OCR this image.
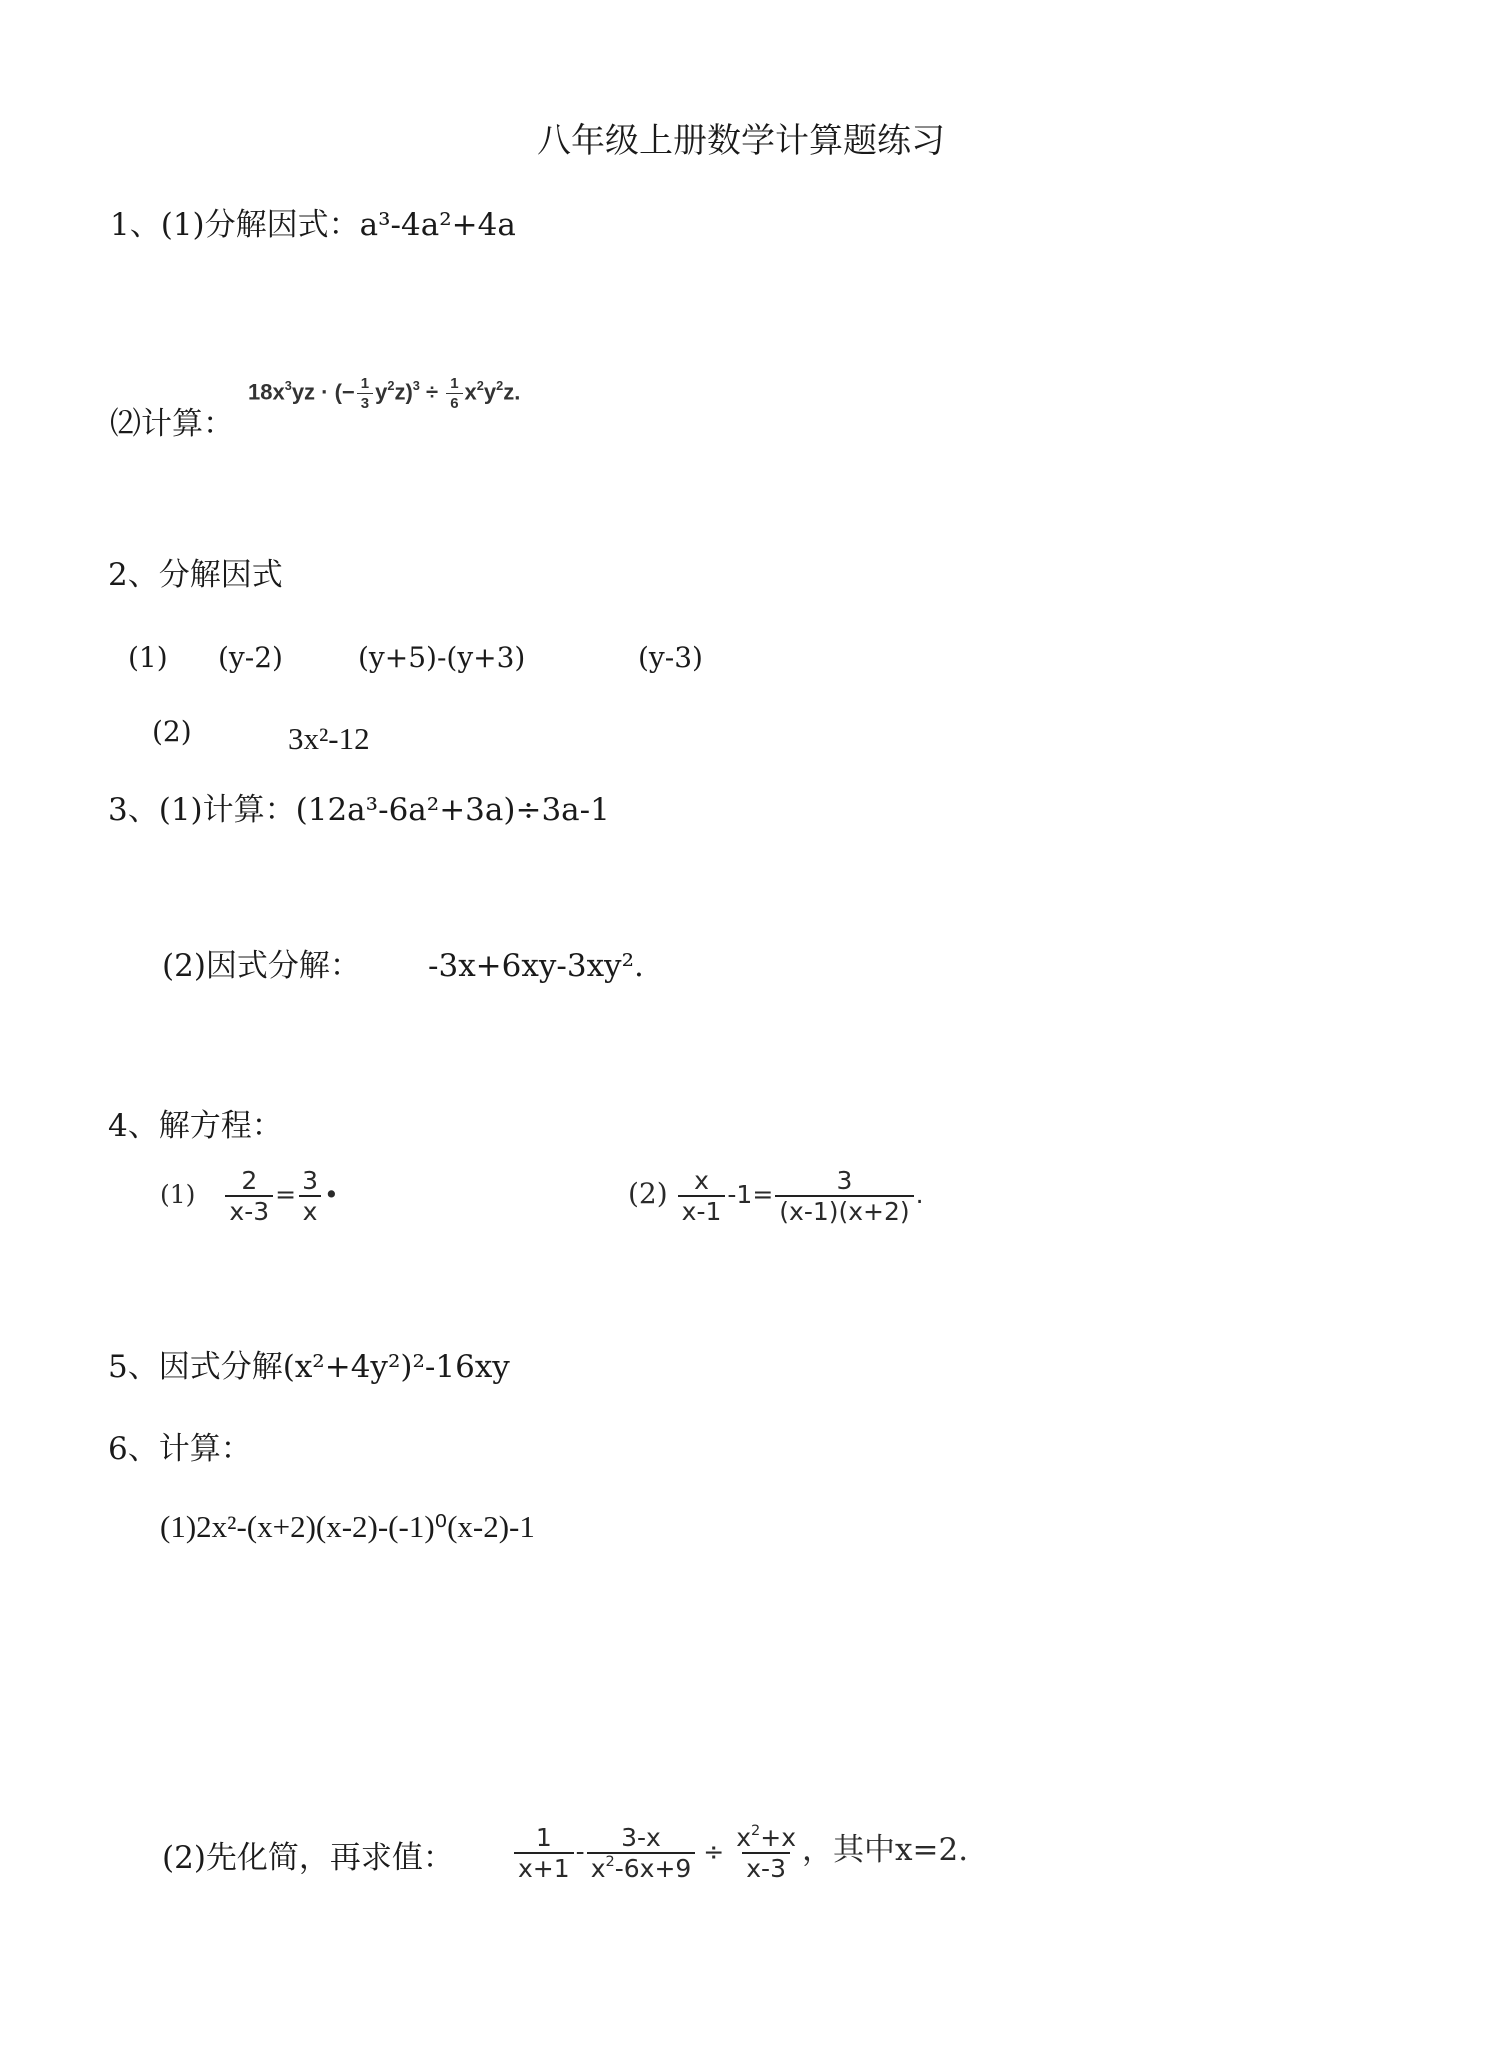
八年级上册数学计算题练习
1、(1)分解因式：a³-4a²+4a
⑵计算：
$18x^3yz$ · (− $\frac{1}{3} y^2z)^3 \div \frac{1}{6} x^2y^2z$.
2、分解因式
(1) (y-2)	(y+5)-(y+3)	(y-3)
(2)	3x²-12
3、(1)计算：(12a³-6a²+3a)÷3a-1
(2)因式分解： -3x+6xy-3xy².
4、解方程：
$(1) \frac{2}{x-3} = \frac{3}{x}$ •	$(2) \frac{x}{x-1} -1= \frac{3}{(x-1)(x+2)}$ .
5、因式分解(x²+4y²)²-16xy
6、计算：
(1)2x²-(x+2)(x-2)-(-1)⁰(x-2)-1
(2)先化简，再求值： $\frac{1}{x+1} - \frac{3-x}{x^2-6x+9} \div \frac{x^2+x}{x-3}$ ，其中x=2.
